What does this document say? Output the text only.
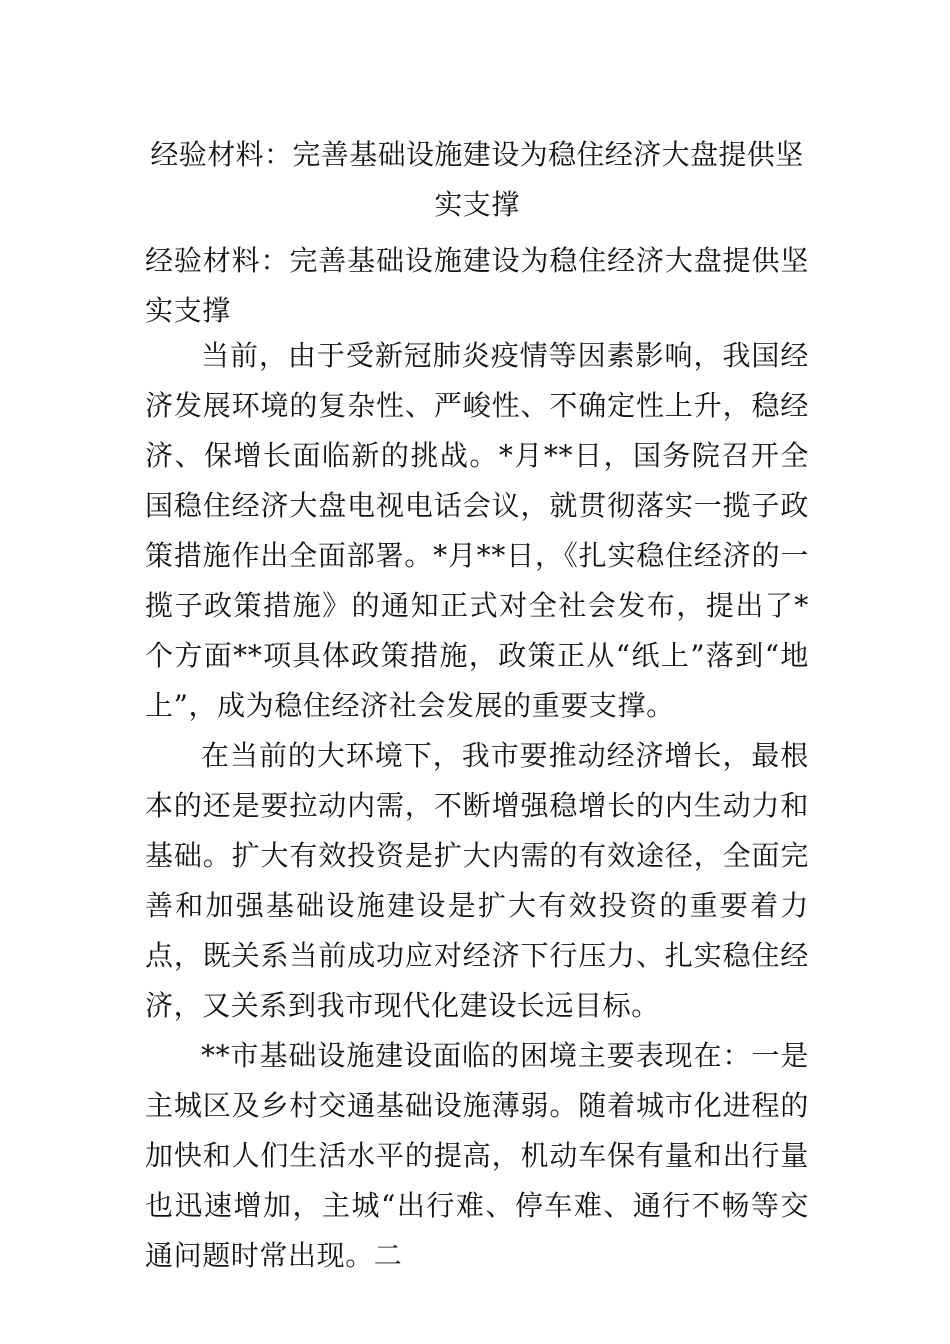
经验材料：完善基础设施建设为稳住经济大盘提供坚实支撑

经验材料：完善基础设施建设为稳住经济大盘提供坚实支撑

当前，由于受新冠肺炎疫情等因素影响，我国经济发展环境的复杂性、严峻性、不确定性上升，稳经济、保增长面临新的挑战。*月**日，国务院召开全国稳住经济大盘电视电话会议，就贯彻落实一揽子政策措施作出全面部署。*月**日，《扎实稳住经济的一揽子政策措施》的通知正式对全社会发布，提出了*个方面**项具体政策措施，政策正从“纸上”落到“地上”，成为稳住经济社会发展的重要支撑。

在当前的大环境下，我市要推动经济增长，最根本的还是要拉动内需，不断增强稳增长的内生动力和基础。扩大有效投资是扩大内需的有效途径，全面完善和加强基础设施建设是扩大有效投资的重要着力点，既关系当前成功应对经济下行压力、扎实稳住经济，又关系到我市现代化建设长远目标。

**市基础设施建设面临的困境主要表现在：一是主城区及乡村交通基础设施薄弱。随着城市化进程的加快和人们生活水平的提高，机动车保有量和出行量也迅速增加，主城“出行难、停车难、通行不畅等交通问题时常出现。二
